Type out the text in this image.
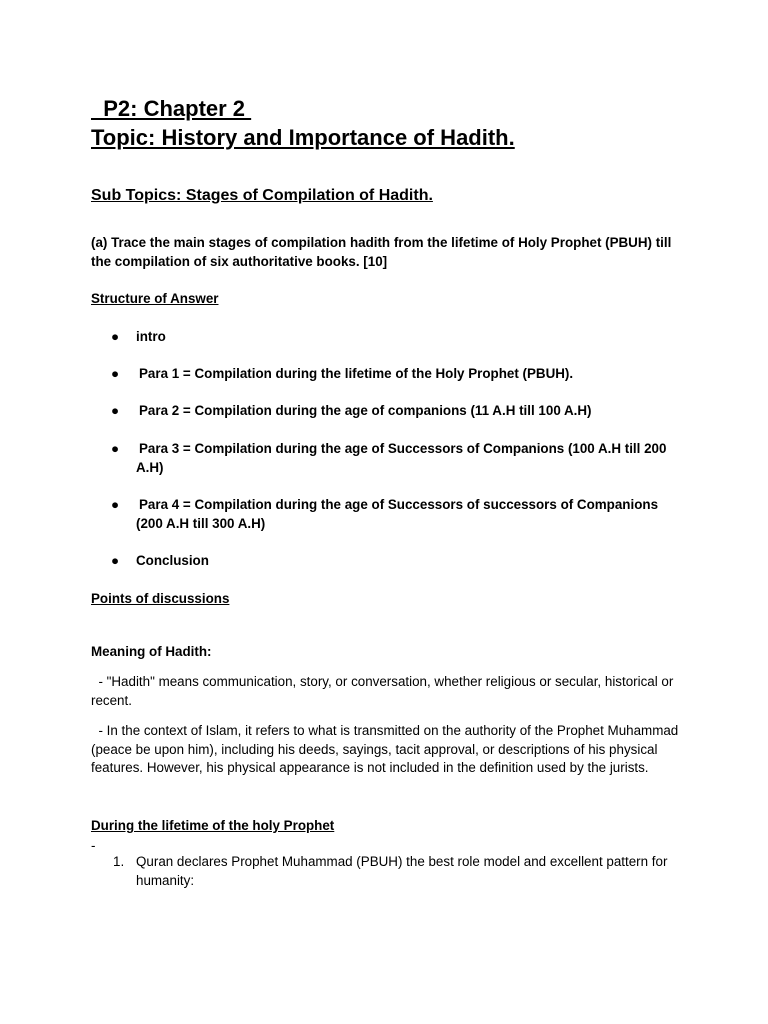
P2: Chapter 2
Topic: History and Importance of Hadith.
Sub Topics: Stages of Compilation of Hadith.
(a) Trace the main stages of compilation hadith from the lifetime of Holy Prophet (PBUH) till the compilation of six authoritative books. [10]
Structure of Answer
●	intro
●	Para 1 = Compilation during the lifetime of the Holy Prophet (PBUH).
●	Para 2 = Compilation during the age of companions (11 A.H till 100 A.H)
●	Para 3 = Compilation during the age of Successors of Companions (100 A.H till 200 A.H)
●	Para 4 = Compilation during the age of Successors of successors of Companions (200 A.H till 300 A.H)
●	Conclusion
Points of discussions
Meaning of Hadith:
- "Hadith" means communication, story, or conversation, whether religious or secular, historical or recent.
- In the context of Islam, it refers to what is transmitted on the authority of the Prophet Muhammad (peace be upon him), including his deeds, sayings, tacit approval, or descriptions of his physical features. However, his physical appearance is not included in the definition used by the jurists.
During the lifetime of the holy Prophet
-
1. Quran declares Prophet Muhammad (PBUH) the best role model and excellent pattern for humanity:
